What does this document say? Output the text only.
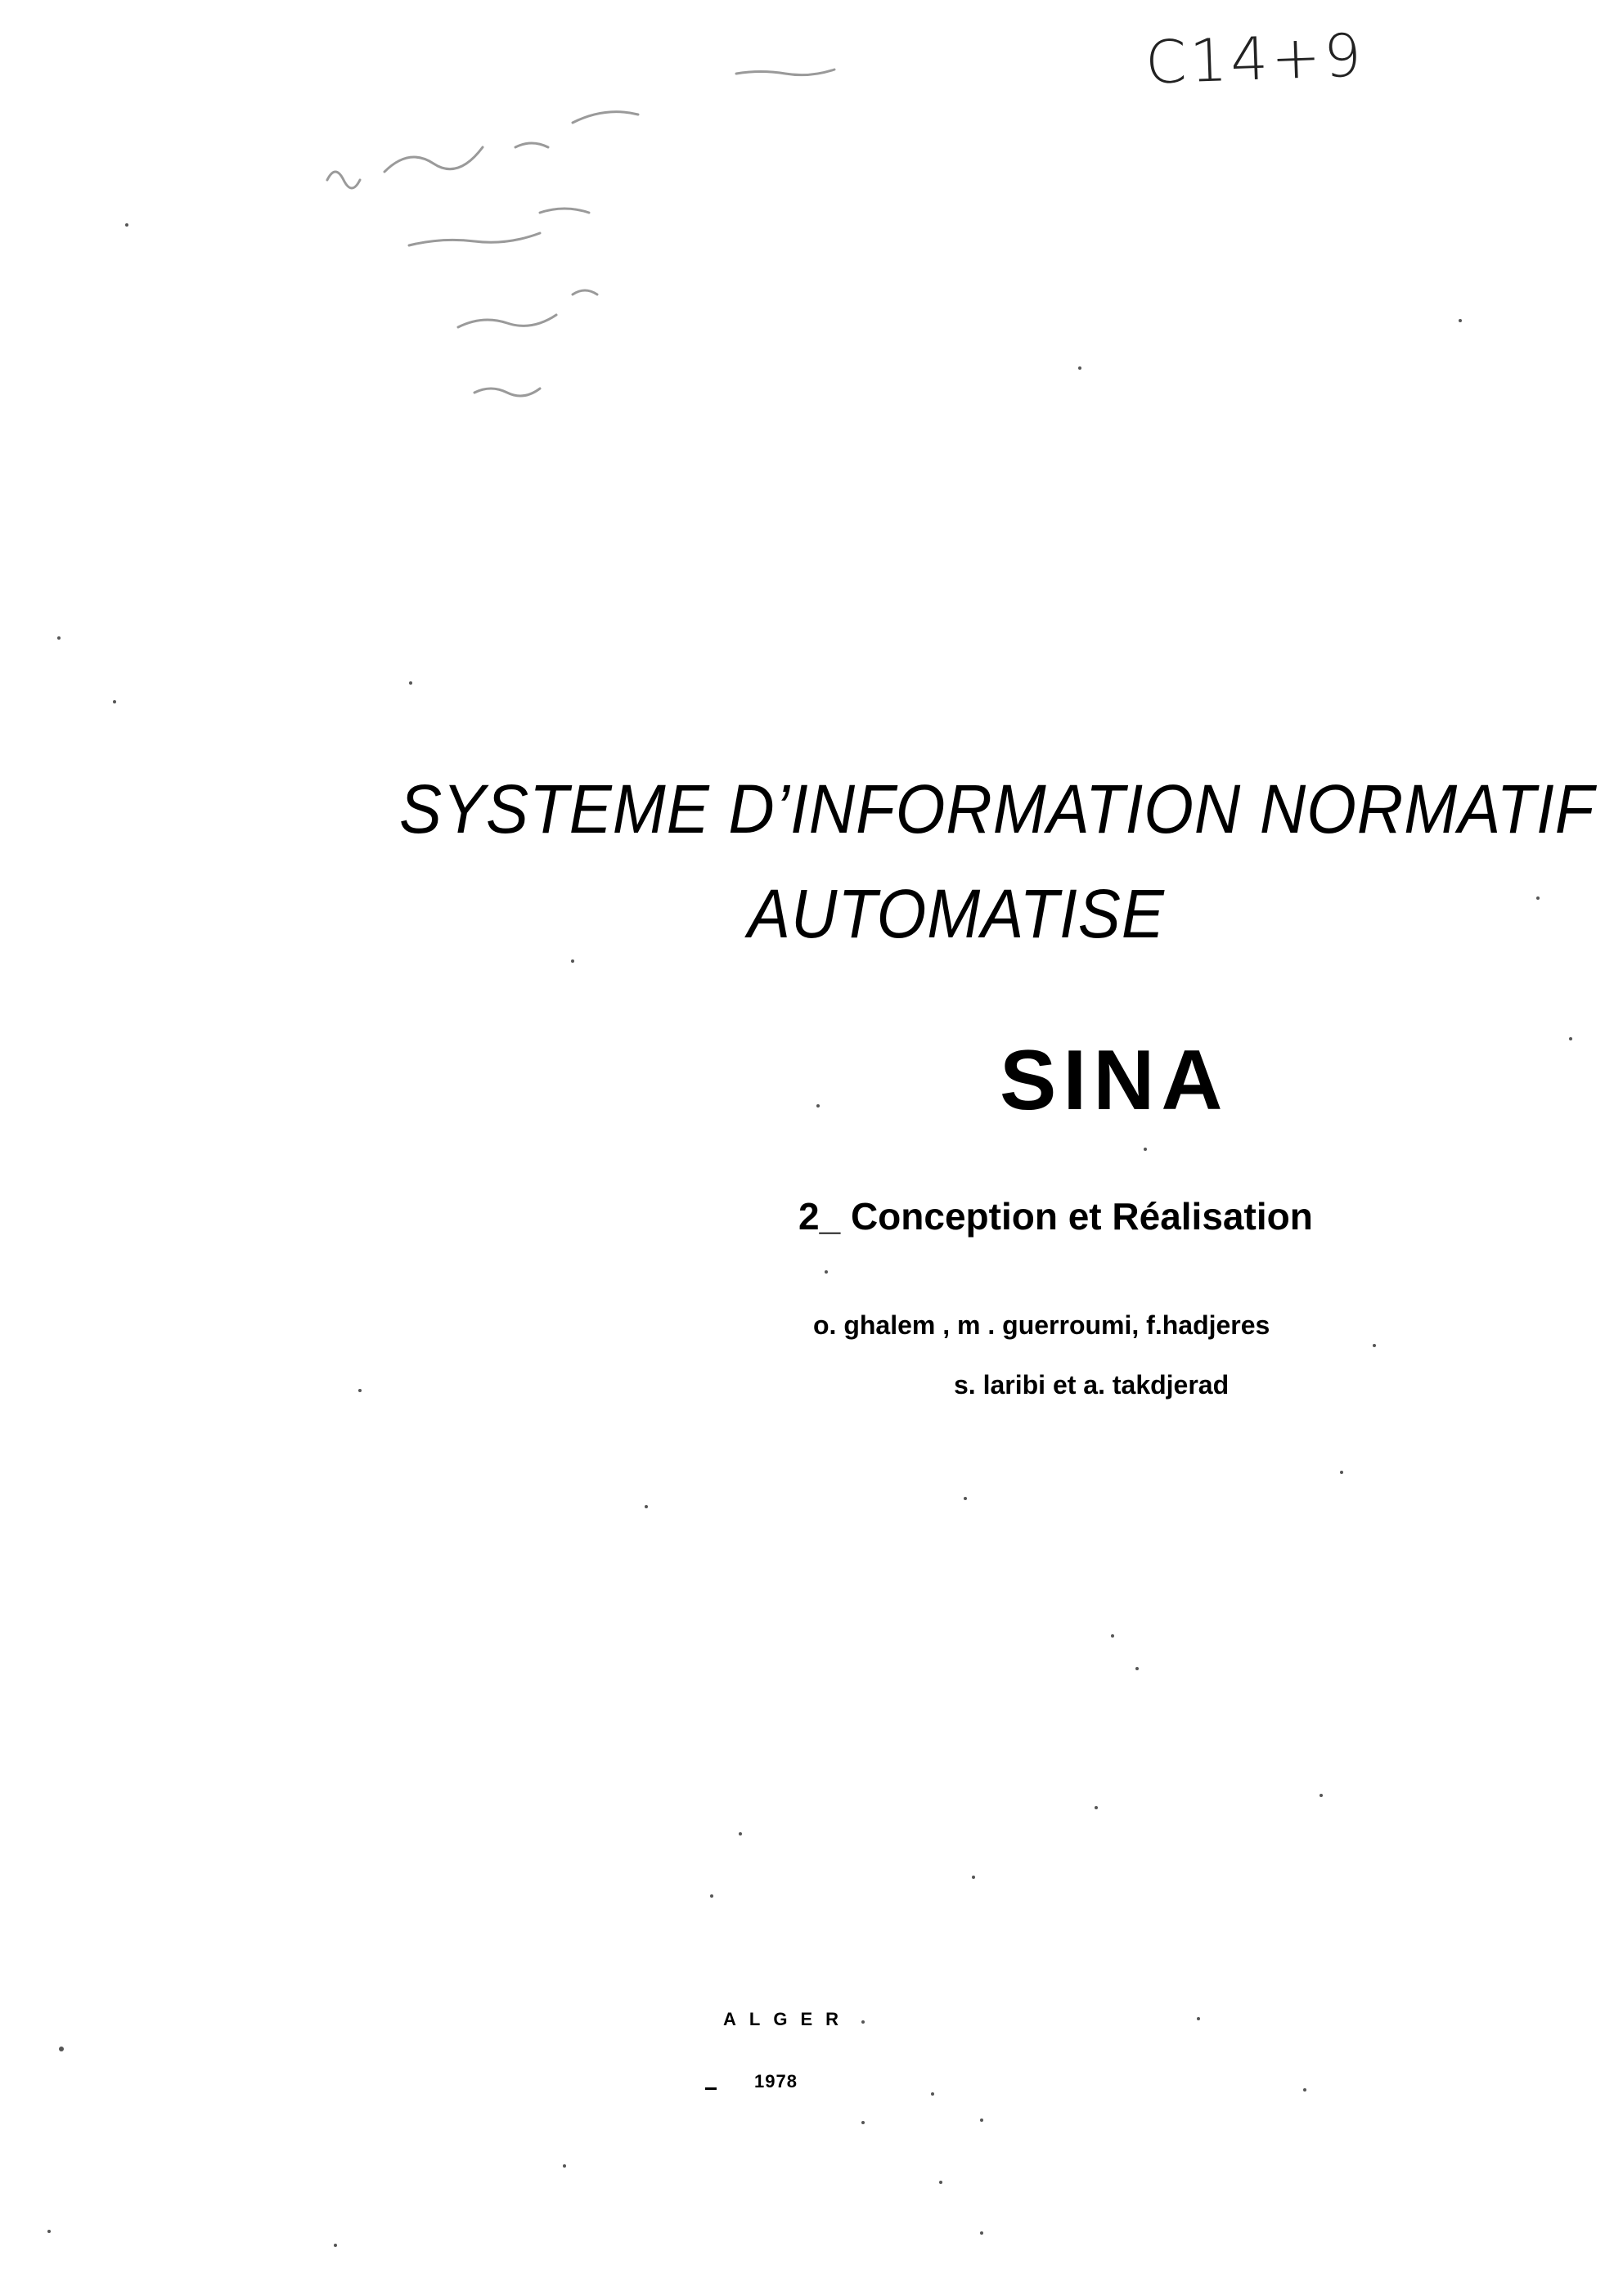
C14+9
SYSTEME D’INFORMATION NORMATIF
AUTOMATISE
SINA
2_ Conception et Réalisation
o. ghalem , m . guerroumi, f.hadjeres
s. laribi et a. takdjerad
ALGER
1978
